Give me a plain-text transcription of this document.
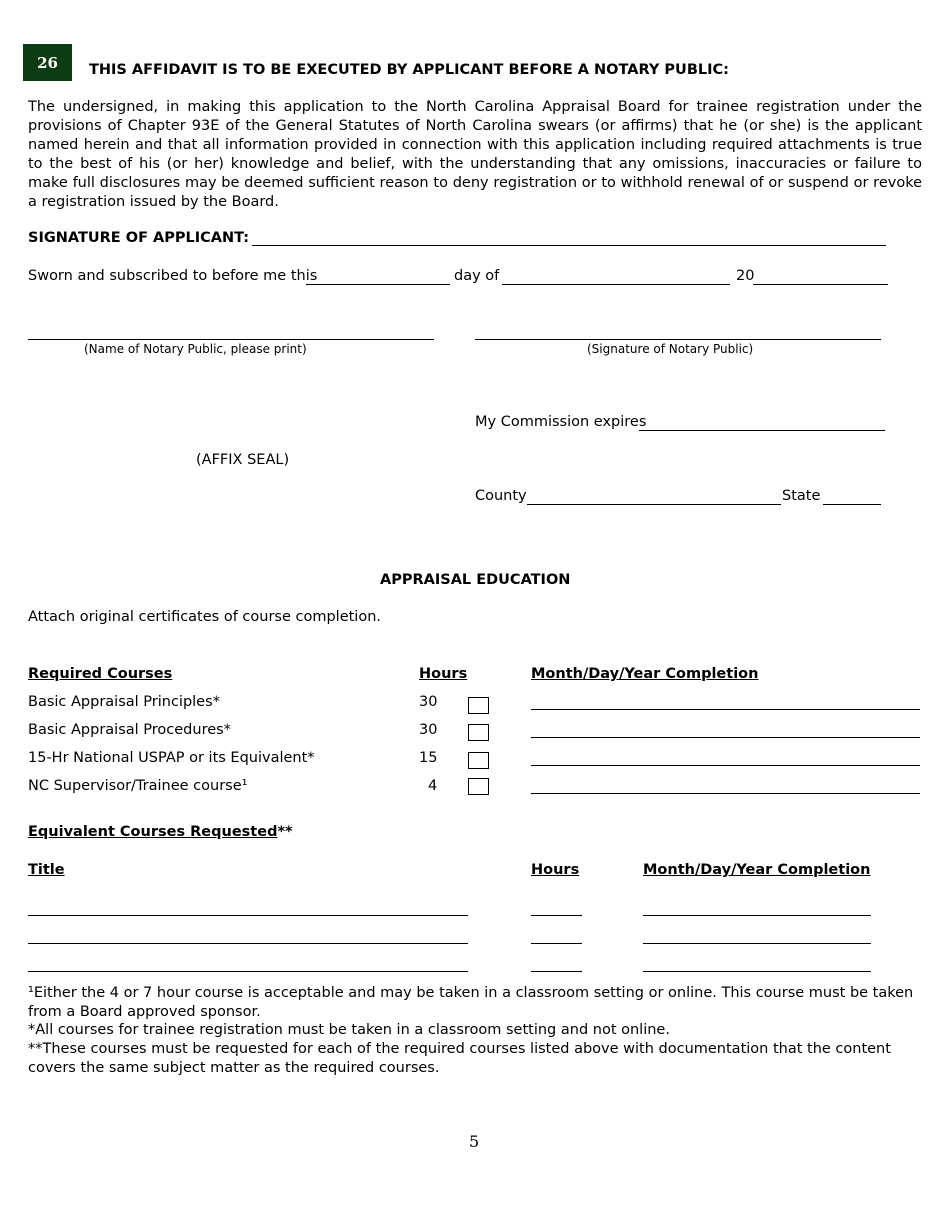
26	THIS AFFIDAVIT IS TO BE EXECUTED BY APPLICANT BEFORE A NOTARY PUBLIC:
The undersigned, in making this application to the North Carolina Appraisal Board for trainee registration under the provisions of Chapter 93E of the General Statutes of North Carolina swears (or affirms) that he (or she) is the applicant named herein and that all information provided in connection with this application including required attachments is true to the best of his (or her) knowledge and belief, with the understanding that any omissions, inaccuracies or failure to make full disclosures may be deemed sufficient reason to deny registration or to withhold renewal of or suspend or revoke a registration issued by the Board.
SIGNATURE OF APPLICANT:
Sworn and subscribed to before me this	day of	20
(Name of Notary Public, please print)	(Signature of Notary Public)
My Commission expires
(AFFIX SEAL)
County	State
APPRAISAL EDUCATION
Attach original certificates of course completion.
Required Courses	Hours	Month/Day/Year Completion
Basic Appraisal Principles*	30
Basic Appraisal Procedures*	30
15-Hr National USPAP or its Equivalent*	15
NC Supervisor/Trainee course¹	4
Equivalent Courses Requested**
Title	Hours	Month/Day/Year Completion
¹Either the 4 or 7 hour course is acceptable and may be taken in a classroom setting or online. This course must be taken from a Board approved sponsor.
*All courses for trainee registration must be taken in a classroom setting and not online.
**These courses must be requested for each of the required courses listed above with documentation that the content covers the same subject matter as the required courses.
5
